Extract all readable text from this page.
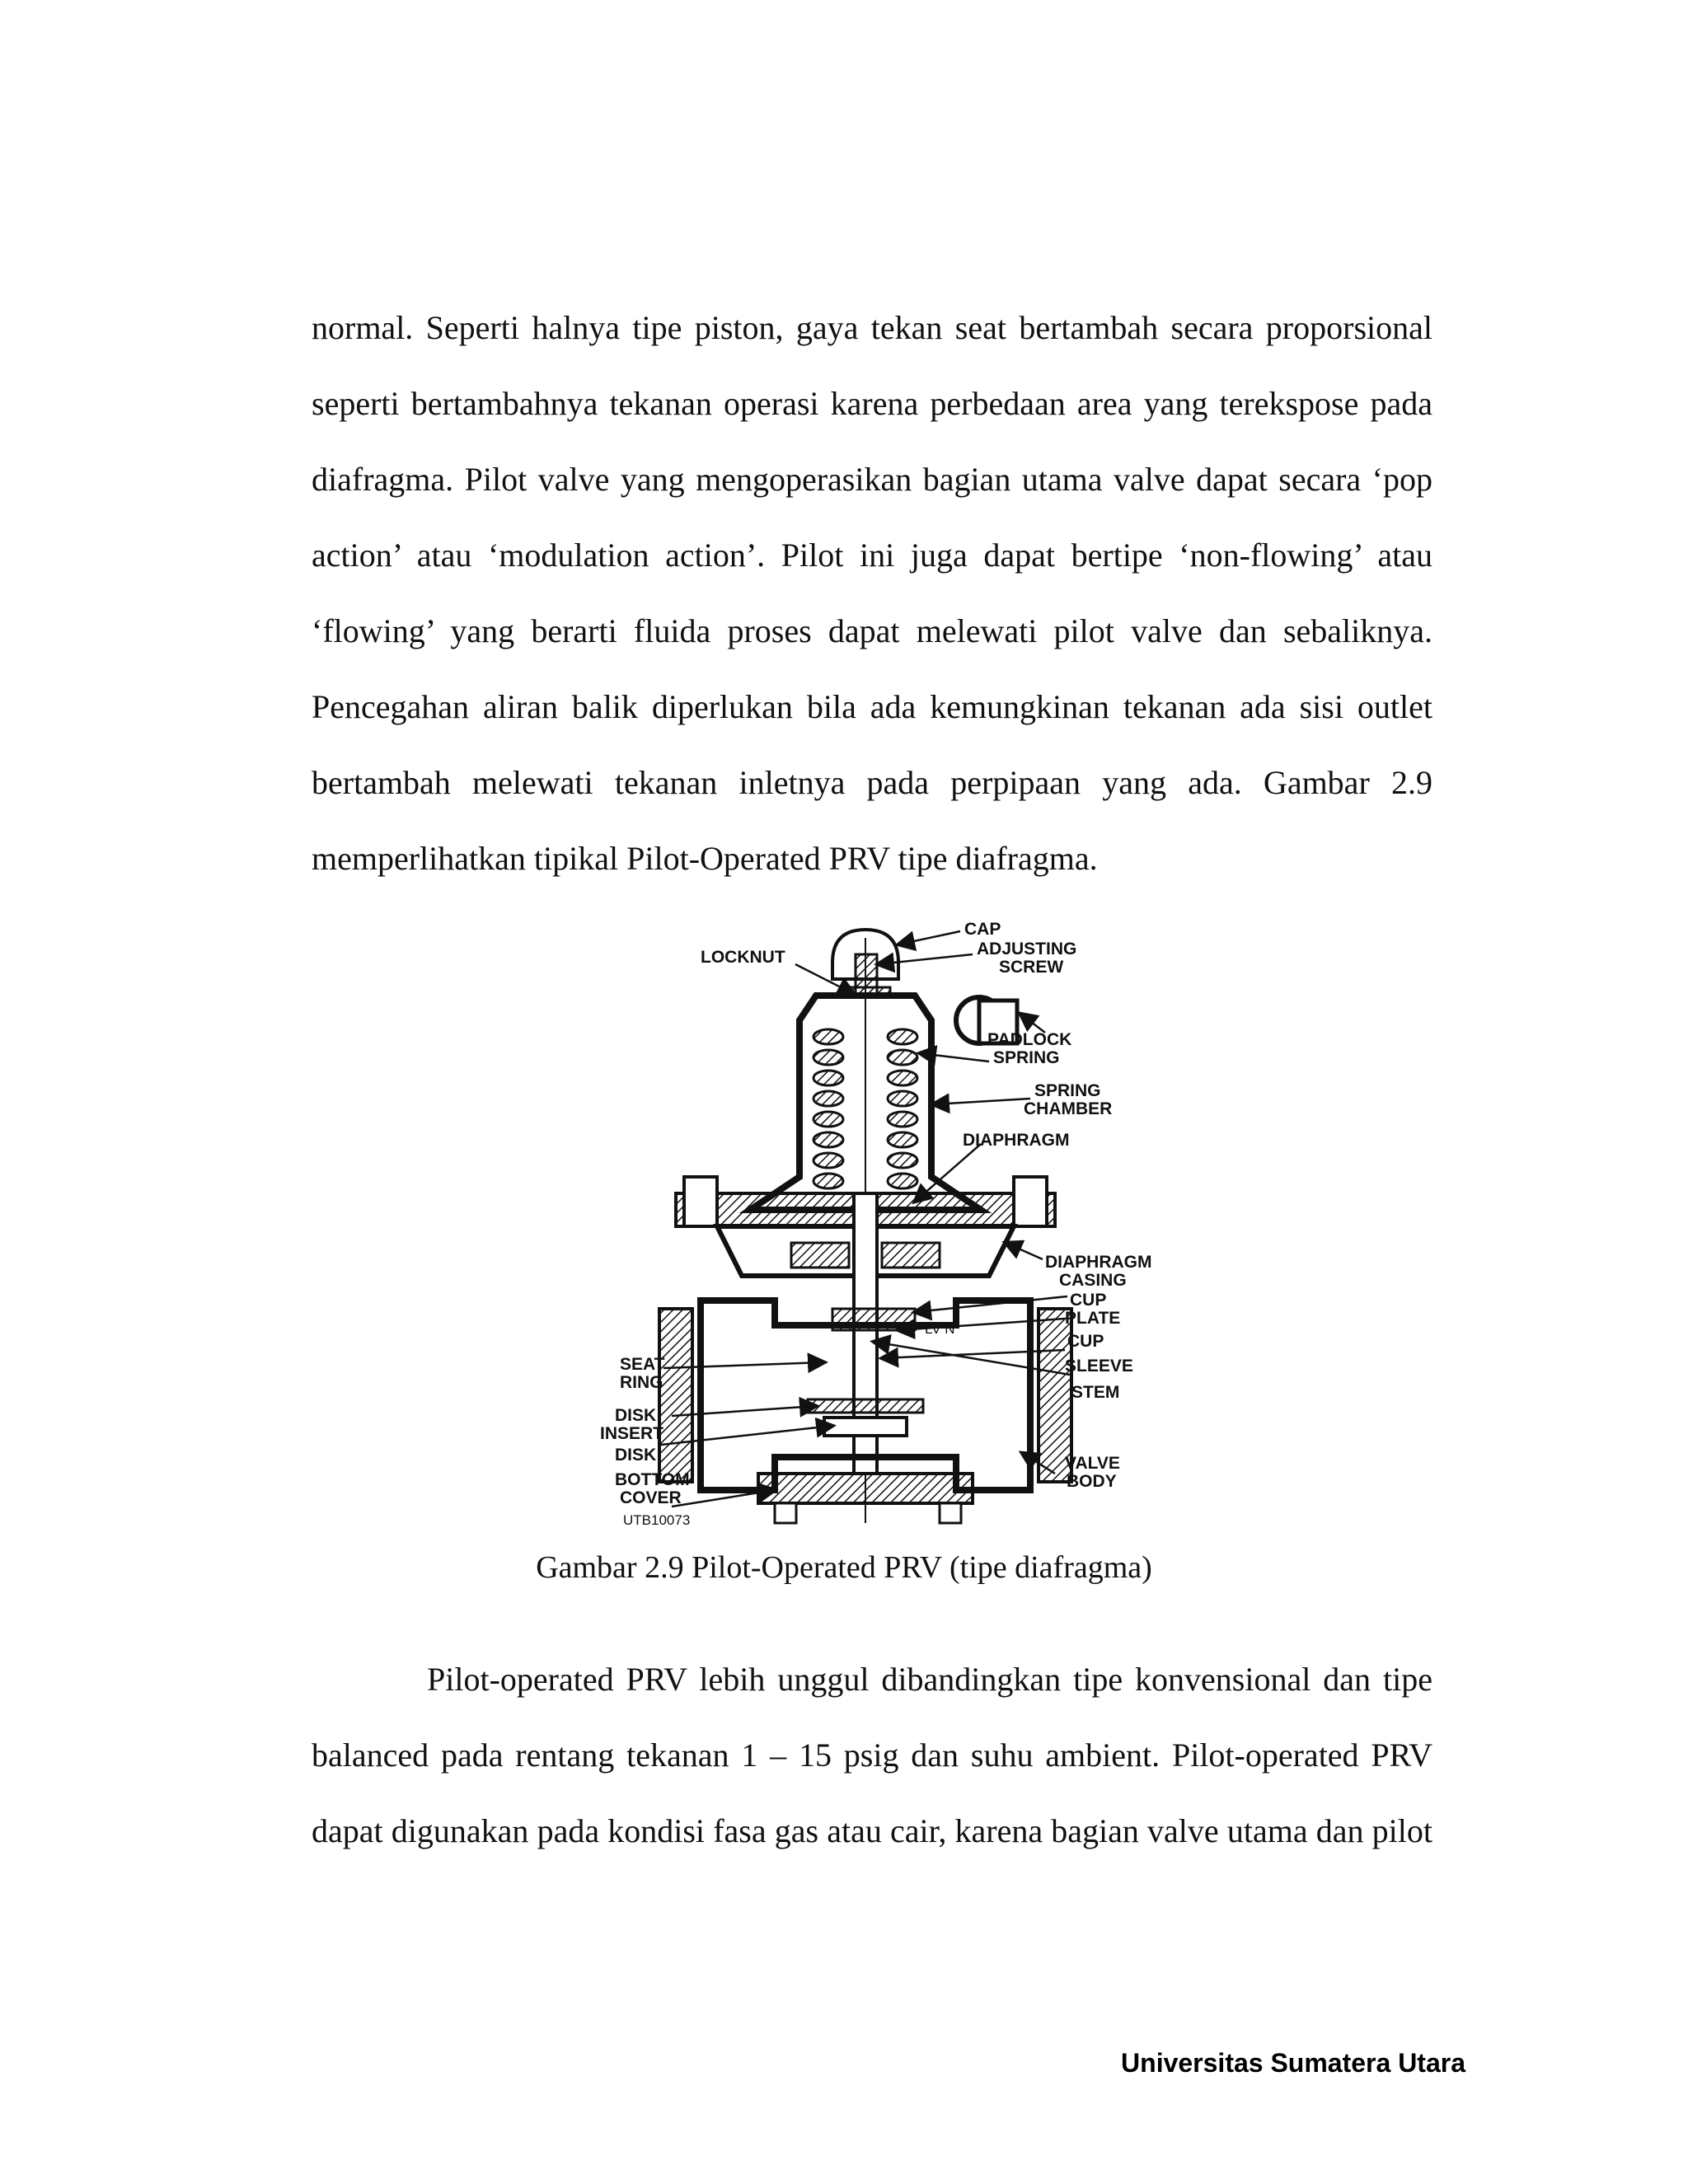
normal. Seperti halnya tipe piston, gaya tekan seat bertambah secara proporsional
seperti bertambahnya tekanan operasi karena perbedaan area yang terekspose pada
diafragma. Pilot valve yang mengoperasikan bagian utama valve dapat secara ‘pop
action’ atau ‘modulation action’. Pilot ini juga dapat bertipe ‘non-flowing’ atau
‘flowing’ yang berarti fluida proses dapat melewati pilot valve dan sebaliknya.
Pencegahan aliran balik diperlukan bila ada kemungkinan tekanan ada sisi outlet
bertambah melewati tekanan inletnya pada perpipaan yang ada. Gambar 2.9
memperlihatkan tipikal Pilot-Operated PRV tipe diafragma.
LV N
CAP
ADJUSTING
SCREW
LOCKNUT
PADLOCK
SPRING
SPRING
CHAMBER
DIAPHRAGM
DIAPHRAGM
CASING
CUP
PLATE
CUP
SLEEVE
STEM
SEAT
RING
DISK
INSERT
DISK
BOTTOM
COVER
VALVE
BODY
UTB10073
Gambar 2.9 Pilot-Operated PRV (tipe diafragma)
Pilot-operated PRV lebih unggul dibandingkan tipe konvensional dan tipe
balanced pada rentang tekanan 1 – 15 psig dan suhu ambient. Pilot-operated PRV
dapat digunakan pada kondisi fasa gas atau cair, karena bagian valve utama dan pilot
Universitas Sumatera Utara
